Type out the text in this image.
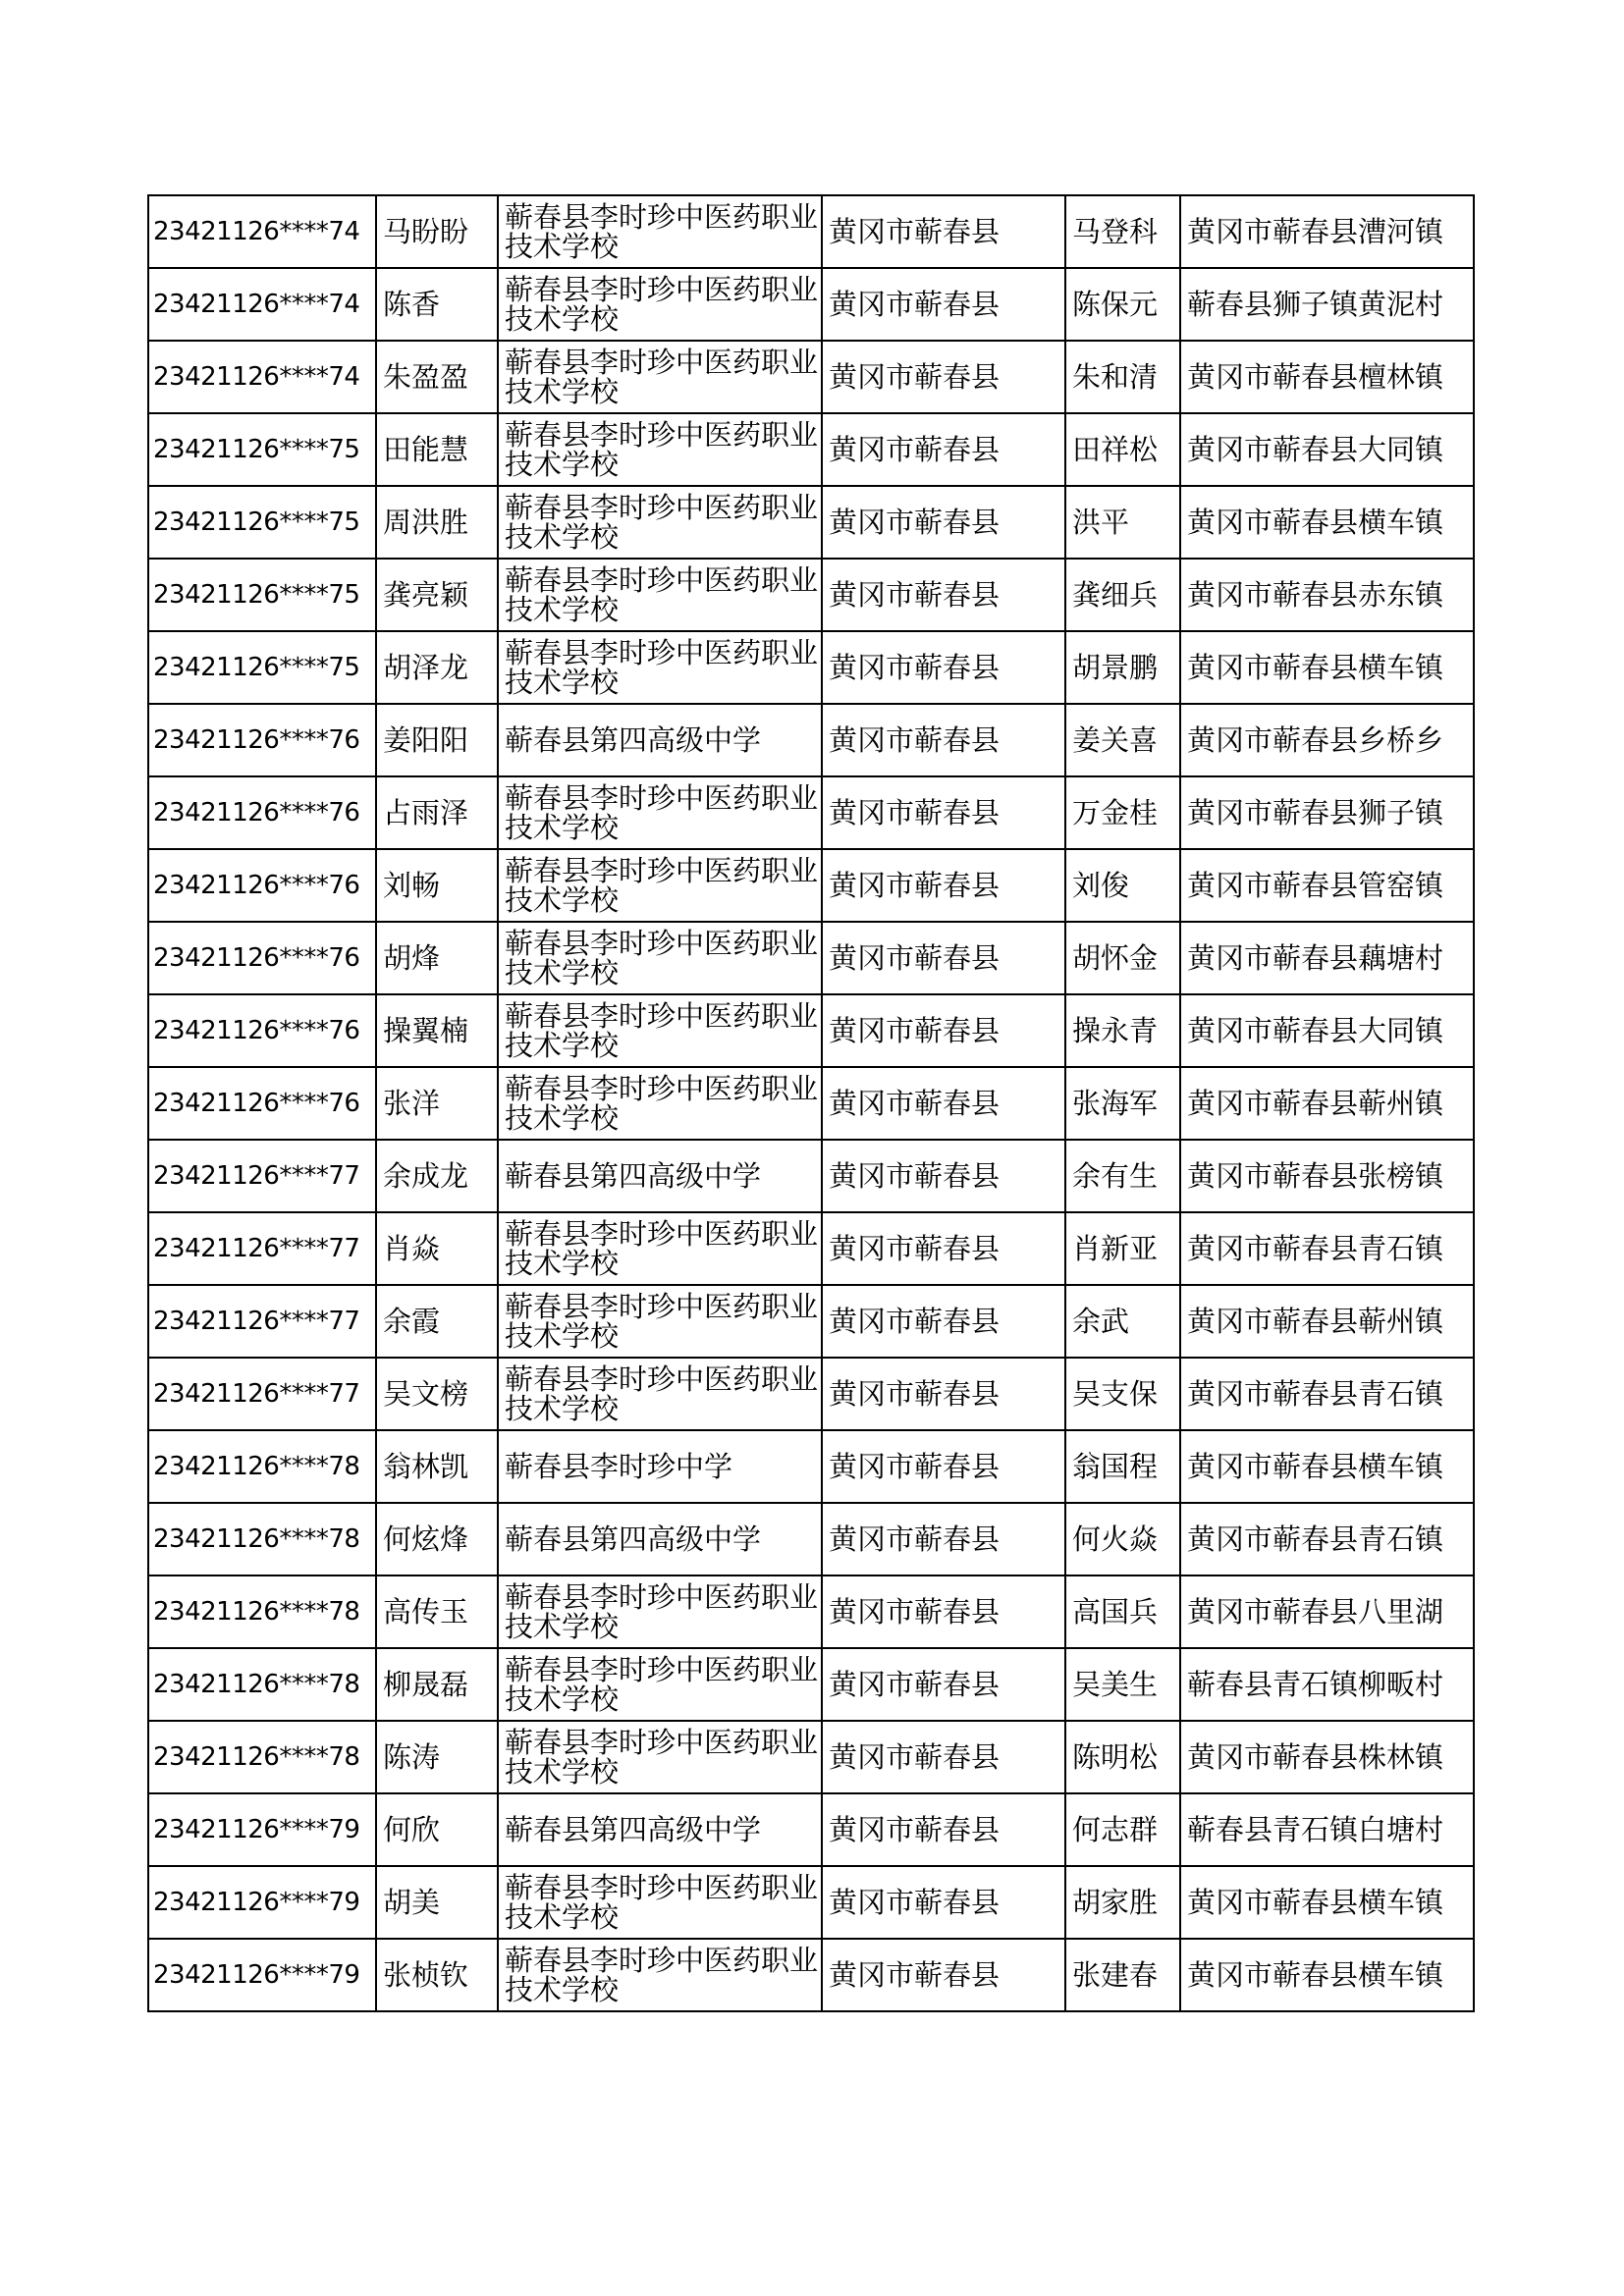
23421126****74	马盼盼	蕲春县李时珍中医药职业技术学校	黄冈市蕲春县	马登科	黄冈市蕲春县漕河镇
23421126****74	陈香	蕲春县李时珍中医药职业技术学校	黄冈市蕲春县	陈保元	蕲春县狮子镇黄泥村
23421126****74	朱盈盈	蕲春县李时珍中医药职业技术学校	黄冈市蕲春县	朱和清	黄冈市蕲春县檀林镇
23421126****75	田能慧	蕲春县李时珍中医药职业技术学校	黄冈市蕲春县	田祥松	黄冈市蕲春县大同镇
23421126****75	周洪胜	蕲春县李时珍中医药职业技术学校	黄冈市蕲春县	洪平	黄冈市蕲春县横车镇
23421126****75	龚亮颖	蕲春县李时珍中医药职业技术学校	黄冈市蕲春县	龚细兵	黄冈市蕲春县赤东镇
23421126****75	胡泽龙	蕲春县李时珍中医药职业技术学校	黄冈市蕲春县	胡景鹏	黄冈市蕲春县横车镇
23421126****76	姜阳阳	蕲春县第四高级中学	黄冈市蕲春县	姜关喜	黄冈市蕲春县乡桥乡
23421126****76	占雨泽	蕲春县李时珍中医药职业技术学校	黄冈市蕲春县	万金桂	黄冈市蕲春县狮子镇
23421126****76	刘畅	蕲春县李时珍中医药职业技术学校	黄冈市蕲春县	刘俊	黄冈市蕲春县管窑镇
23421126****76	胡烽	蕲春县李时珍中医药职业技术学校	黄冈市蕲春县	胡怀金	黄冈市蕲春县藕塘村
23421126****76	操翼楠	蕲春县李时珍中医药职业技术学校	黄冈市蕲春县	操永青	黄冈市蕲春县大同镇
23421126****76	张洋	蕲春县李时珍中医药职业技术学校	黄冈市蕲春县	张海军	黄冈市蕲春县蕲州镇
23421126****77	余成龙	蕲春县第四高级中学	黄冈市蕲春县	余有生	黄冈市蕲春县张榜镇
23421126****77	肖焱	蕲春县李时珍中医药职业技术学校	黄冈市蕲春县	肖新亚	黄冈市蕲春县青石镇
23421126****77	余霞	蕲春县李时珍中医药职业技术学校	黄冈市蕲春县	余武	黄冈市蕲春县蕲州镇
23421126****77	吴文榜	蕲春县李时珍中医药职业技术学校	黄冈市蕲春县	吴支保	黄冈市蕲春县青石镇
23421126****78	翁林凯	蕲春县李时珍中学	黄冈市蕲春县	翁国程	黄冈市蕲春县横车镇
23421126****78	何炫烽	蕲春县第四高级中学	黄冈市蕲春县	何火焱	黄冈市蕲春县青石镇
23421126****78	高传玉	蕲春县李时珍中医药职业技术学校	黄冈市蕲春县	高国兵	黄冈市蕲春县八里湖
23421126****78	柳晟磊	蕲春县李时珍中医药职业技术学校	黄冈市蕲春县	吴美生	蕲春县青石镇柳畈村
23421126****78	陈涛	蕲春县李时珍中医药职业技术学校	黄冈市蕲春县	陈明松	黄冈市蕲春县株林镇
23421126****79	何欣	蕲春县第四高级中学	黄冈市蕲春县	何志群	蕲春县青石镇白塘村
23421126****79	胡美	蕲春县李时珍中医药职业技术学校	黄冈市蕲春县	胡家胜	黄冈市蕲春县横车镇
23421126****79	张桢钦	蕲春县李时珍中医药职业技术学校	黄冈市蕲春县	张建春	黄冈市蕲春县横车镇
